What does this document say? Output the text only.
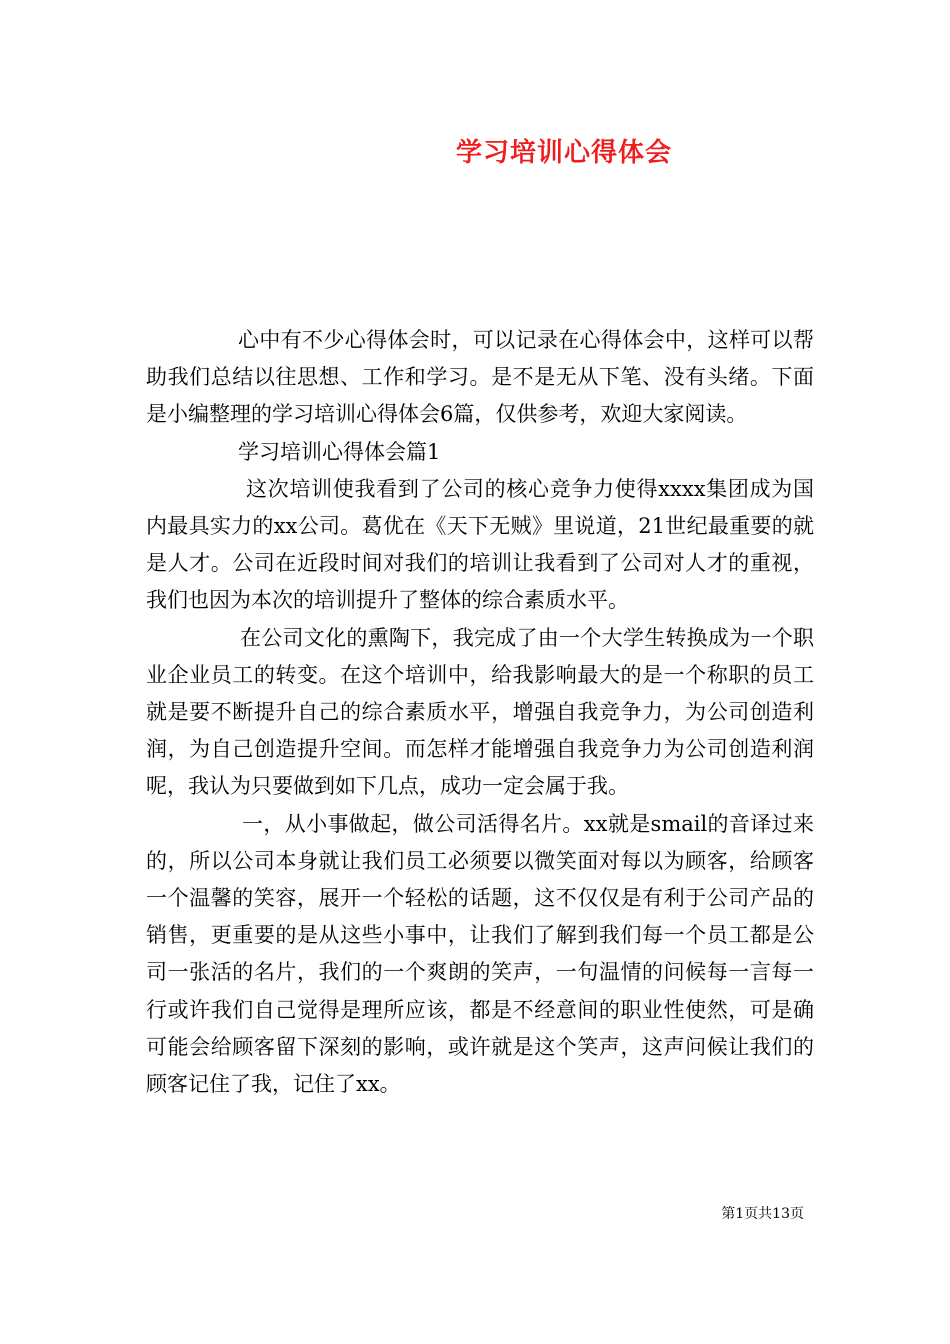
学习培训心得体会

心中有不少心得体会时，可以记录在心得体会中，这样可以帮助我们总结以往思想、工作和学习。是不是无从下笔、没有头绪。下面是小编整理的学习培训心得体会6篇，仅供参考，欢迎大家阅读。

学习培训心得体会篇1

这次培训使我看到了公司的核心竞争力使得xxxx集团成为国内最具实力的xx公司。葛优在《天下无贼》里说道，21世纪最重要的就是人才。公司在近段时间对我们的培训让我看到了公司对人才的重视，我们也因为本次的培训提升了整体的综合素质水平。

在公司文化的熏陶下，我完成了由一个大学生转换成为一个职业企业员工的转变。在这个培训中，给我影响最大的是一个称职的员工就是要不断提升自己的综合素质水平，增强自我竞争力，为公司创造利润，为自己创造提升空间。而怎样才能增强自我竞争力为公司创造利润呢，我认为只要做到如下几点，成功一定会属于我。

一，从小事做起，做公司活得名片。xx就是smail的音译过来的，所以公司本身就让我们员工必须要以微笑面对每以为顾客，给顾客一个温馨的笑容，展开一个轻松的话题，这不仅仅是有利于公司产品的销售，更重要的是从这些小事中，让我们了解到我们每一个员工都是公司一张活的名片，我们的一个爽朗的笑声，一句温情的问候每一言每一行或许我们自己觉得是理所应该，都是不经意间的职业性使然，可是确可能会给顾客留下深刻的影响，或许就是这个笑声，这声问候让我们的顾客记住了我，记住了xx。

第1页共13页
